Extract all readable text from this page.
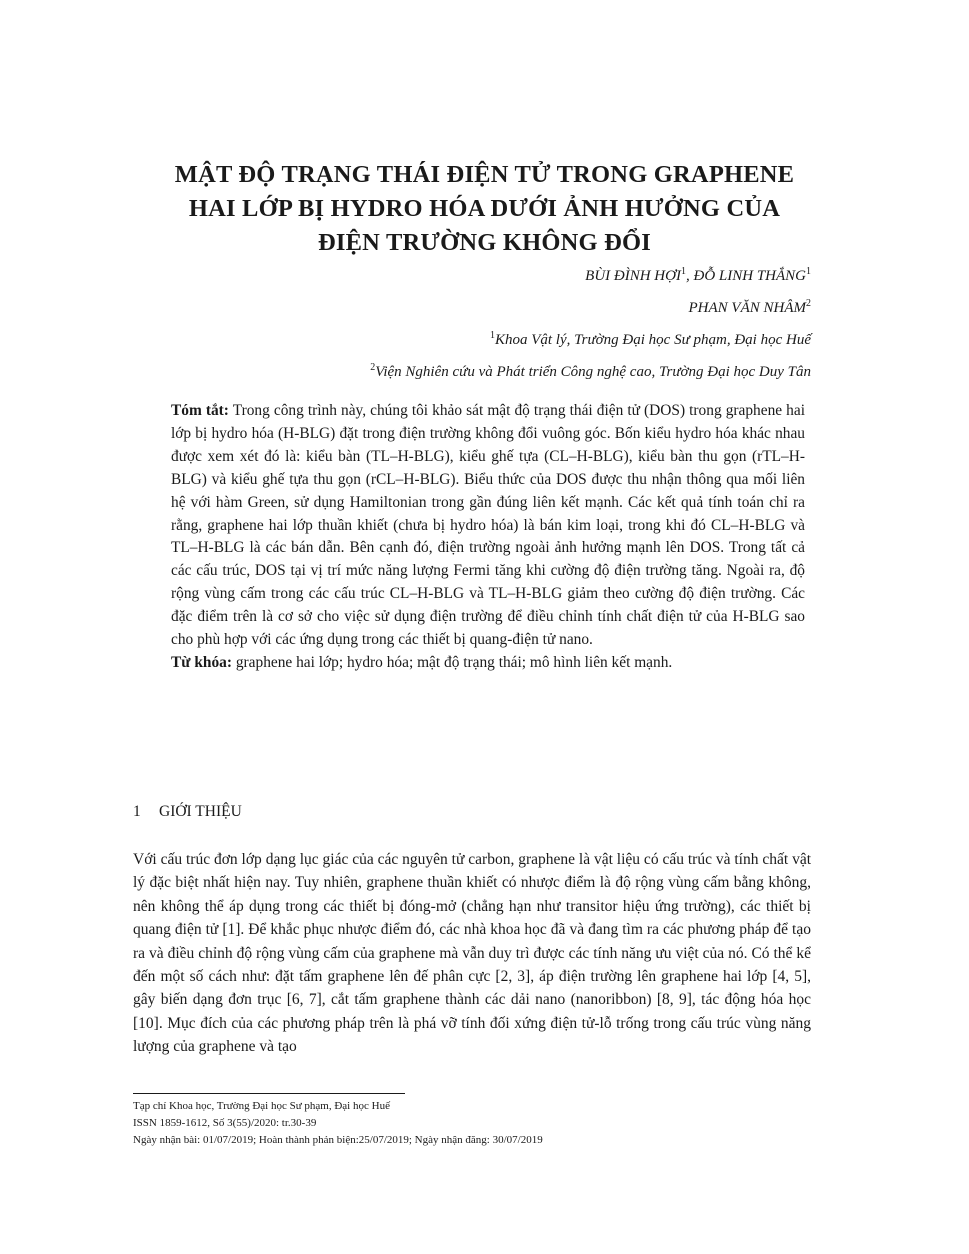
MẬT ĐỘ TRẠNG THÁI ĐIỆN TỬ TRONG GRAPHENE
HAI LỚP BỊ HYDRO HÓA DƯỚI ẢNH HƯỞNG CỦA
ĐIỆN TRƯỜNG KHÔNG ĐỔI
BÙI ĐÌNH HỢI$^1$, ĐỖ LINH THẮNG$^1$
PHAN VĂN NHÂM$^2$
$^1$Khoa Vật lý, Trường Đại học Sư phạm, Đại học Huế
$^2$Viện Nghiên cứu và Phát triển Công nghệ cao, Trường Đại học Duy Tân

Tóm tắt: Trong công trình này, chúng tôi khảo sát mật độ trạng thái điện tử (DOS) trong graphene hai lớp bị hydro hóa (H-BLG) đặt trong điện trường không đổi vuông góc. Bốn kiểu hydro hóa khác nhau được xem xét đó là: kiểu bàn (TL–H-BLG), kiểu ghế tựa (CL–H-BLG), kiểu bàn thu gọn (rTL–H-BLG) và kiểu ghế tựa thu gọn (rCL–H-BLG). Biểu thức của DOS được thu nhận thông qua mối liên hệ với hàm Green, sử dụng Hamiltonian trong gần đúng liên kết mạnh. Các kết quả tính toán chỉ ra rằng, graphene hai lớp thuần khiết (chưa bị hydro hóa) là bán kim loại, trong khi đó CL–H-BLG và TL–H-BLG là các bán dẫn. Bên cạnh đó, điện trường ngoài ảnh hưởng mạnh lên DOS. Trong tất cả các cấu trúc, DOS tại vị trí mức năng lượng Fermi tăng khi cường độ điện trường tăng. Ngoài ra, độ rộng vùng cấm trong các cấu trúc CL–H-BLG và TL–H-BLG giảm theo cường độ điện trường. Các đặc điểm trên là cơ sở cho việc sử dụng điện trường để điều chỉnh tính chất điện tử của H-BLG sao cho phù hợp với các ứng dụng trong các thiết bị quang-điện tử nano.

Từ khóa: graphene hai lớp; hydro hóa; mật độ trạng thái; mô hình liên kết mạnh.

1 GIỚI THIỆU

Với cấu trúc đơn lớp dạng lục giác của các nguyên tử carbon, graphene là vật liệu có cấu trúc và tính chất vật lý đặc biệt nhất hiện nay. Tuy nhiên, graphene thuần khiết có nhược điểm là độ rộng vùng cấm bằng không, nên không thể áp dụng trong các thiết bị đóng-mở (chẳng hạn như transitor hiệu ứng trường), các thiết bị quang điện tử [1]. Để khắc phục nhược điểm đó, các nhà khoa học đã và đang tìm ra các phương pháp để tạo ra và điều chỉnh độ rộng vùng cấm của graphene mà vẫn duy trì được các tính năng ưu việt của nó. Có thể kể đến một số cách như: đặt tấm graphene lên đế phân cực [2, 3], áp điện trường lên graphene hai lớp [4, 5], gây biến dạng đơn trục [6, 7], cắt tấm graphene thành các dải nano (nanoribbon) [8, 9], tác động hóa học [10]. Mục đích của các phương pháp trên là phá vỡ tính đối xứng điện tử-lỗ trống trong cấu trúc vùng năng lượng của graphene và tạo

Tạp chí Khoa học, Trường Đại học Sư phạm, Đại học Huế
ISSN 1859-1612, Số 3(55)/2020: tr.30-39
Ngày nhận bài: 01/07/2019; Hoàn thành phản biện:25/07/2019; Ngày nhận đăng: 30/07/2019
